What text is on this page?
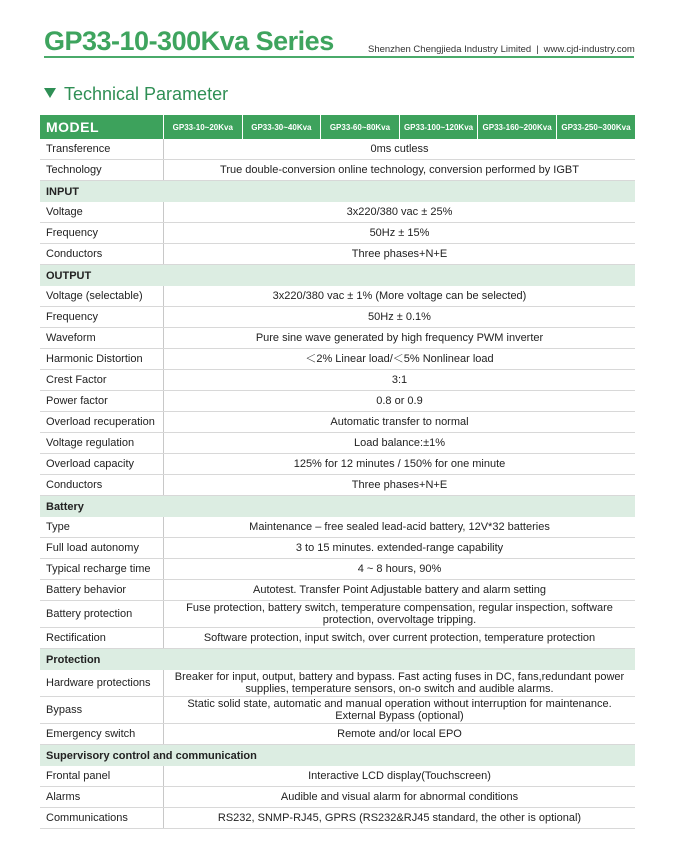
GP33-10-300Kva Series	Shenzhen Chengjieda Industry Limited | www.cjd-industry.com
Technical Parameter
MODEL	GP33-10~20Kva	GP33-30~40Kva	GP33-60~80Kva	GP33-100~120Kva	GP33-160~200Kva	GP33-250~300Kva
Transference	0ms cutless					
Technology	True double-conversion online technology, conversion performed by IGBT					
INPUT						
Voltage	3x220/380 vac ± 25%					
Frequency	50Hz ± 15%					
Conductors	Three phases+N+E					
OUTPUT						
Voltage (selectable)	3x220/380 vac ± 1% (More voltage can be selected)					
Frequency	50Hz ± 0.1%					
Waveform	Pure sine wave generated by high frequency PWM inverter					
Harmonic Distortion	＜2% Linear load/＜5% Nonlinear load					
Crest Factor	3:1					
Power factor	0.8 or 0.9					
Overload recuperation	Automatic transfer to normal					
Voltage regulation	Load balance:±1%					
Overload capacity	125% for 12 minutes / 150% for one minute					
Conductors	Three phases+N+E					
Battery						
Type	Maintenance – free sealed lead-acid battery, 12V*32 batteries					
Full load autonomy	3 to 15 minutes. extended-range capability					
Typical recharge time	4 ~ 8 hours, 90%					
Battery behavior	Autotest. Transfer Point Adjustable battery and alarm setting					
Battery protection	Fuse protection, battery switch, temperature compensation, regular inspection, software protection, overvoltage tripping.					
Rectification	Software protection, input switch, over current protection, temperature protection					
Protection						
Hardware protections	Breaker for input, output, battery and bypass. Fast acting fuses in DC, fans,redundant power supplies, temperature sensors, on-o switch and audible alarms.					
Bypass	Static solid state, automatic and manual operation without interruption for maintenance. External Bypass (optional)					
Emergency switch	Remote and/or local EPO					
Supervisory control and communication						
Frontal panel	Interactive LCD display(Touchscreen)					
Alarms	Audible and visual alarm for abnormal conditions					
Communications	RS232, SNMP-RJ45, GPRS (RS232&RJ45 standard, the other is optional)					
